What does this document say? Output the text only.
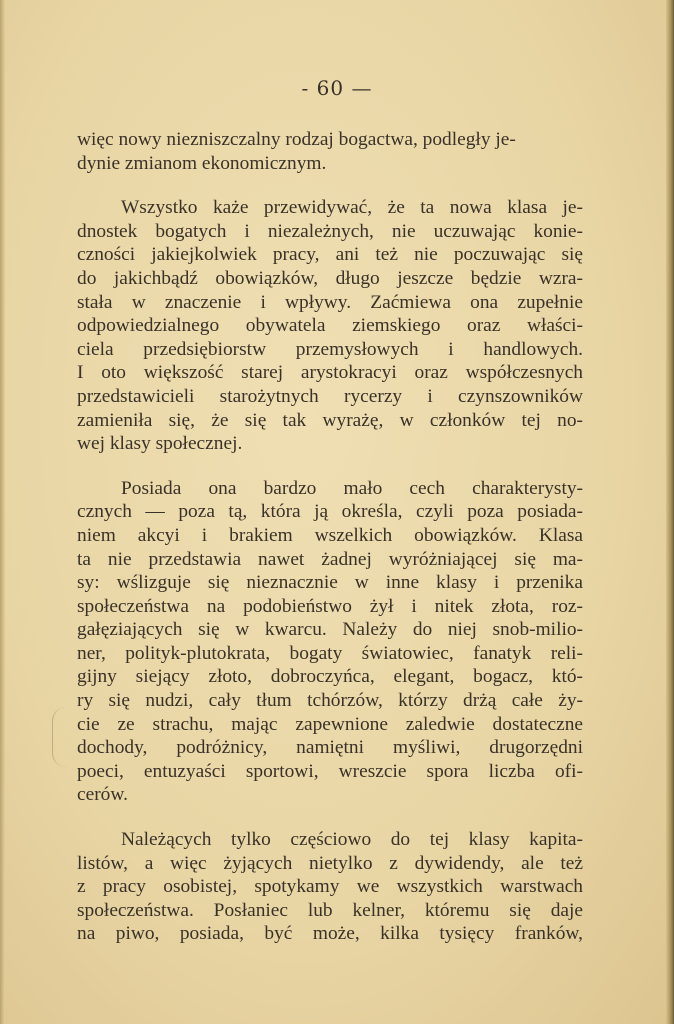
- 60 —
więc nowy niezniszczalny rodzaj bogactwa, podległy je-
dynie zmianom ekonomicznym.
Wszystko każe przewidywać, że ta nowa klasa je-
dnostek bogatych i niezależnych, nie uczuwając konie-
czności jakiejkolwiek pracy, ani też nie poczuwając się
do jakichbądź obowiązków, długo jeszcze będzie wzra-
stała w znaczenie i wpływy. Zaćmiewa ona zupełnie
odpowiedzialnego obywatela ziemskiego oraz właści-
ciela przedsiębiorstw przemysłowych i handlowych.
I oto większość starej arystokracyi oraz współczesnych
przedstawicieli starożytnych rycerzy i czynszowników
zamieniła się, że się tak wyrażę, w członków tej no-
wej klasy społecznej.
Posiada ona bardzo mało cech charakterysty-
cznych — poza tą, która ją określa, czyli poza posiada-
niem akcyi i brakiem wszelkich obowiązków. Klasa
ta nie przedstawia nawet żadnej wyróżniającej się ma-
sy: wślizguje się nieznacznie w inne klasy i przenika
społeczeństwa na podobieństwo żył i nitek złota, roz-
gałęziających się w kwarcu. Należy do niej snob-milio-
ner, polityk-plutokrata, bogaty światowiec, fanatyk reli-
gijny siejący złoto, dobroczyńca, elegant, bogacz, któ-
ry się nudzi, cały tłum tchórzów, którzy drżą całe ży-
cie ze strachu, mając zapewnione zaledwie dostateczne
dochody, podróżnicy, namiętni myśliwi, drugorzędni
poeci, entuzyaści sportowi, wreszcie spora liczba ofi-
cerów.
Należących tylko częściowo do tej klasy kapita-
listów, a więc żyjących nietylko z dywidendy, ale też
z pracy osobistej, spotykamy we wszystkich warstwach
społeczeństwa. Posłaniec lub kelner, któremu się daje
na piwo, posiada, być może, kilka tysięcy franków,
